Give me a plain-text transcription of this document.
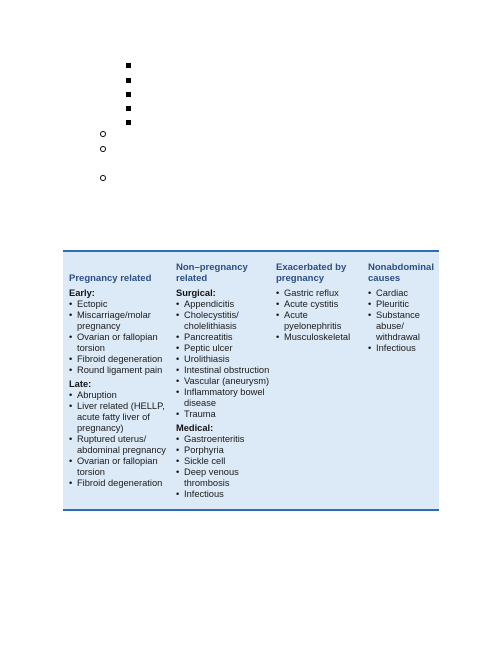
Pregnancy related
Early:
• Ectopic
• Miscarriage/molar pregnancy
• Ovarian or fallopian torsion
• Fibroid degeneration
• Round ligament pain
Late:
• Abruption
• Liver related (HELLP, acute fatty liver of pregnancy)
• Ruptured uterus/ abdominal pregnancy
• Ovarian or fallopian torsion
• Fibroid degeneration
Non–pregnancy related
Surgical:
• Appendicitis
• Cholecystitis/ cholelithiasis
• Pancreatitis
• Peptic ulcer
• Urolithiasis
• Intestinal obstruction
• Vascular (aneurysm)
• Inflammatory bowel disease
• Trauma
Medical:
• Gastroenteritis
• Porphyria
• Sickle cell
• Deep venous thrombosis
• Infectious
Exacerbated by pregnancy
• Gastric reflux
• Acute cystitis
• Acute pyelonephritis
• Musculoskeletal
Nonabdominal causes
• Cardiac
• Pleuritic
• Substance abuse/ withdrawal
• Infectious
